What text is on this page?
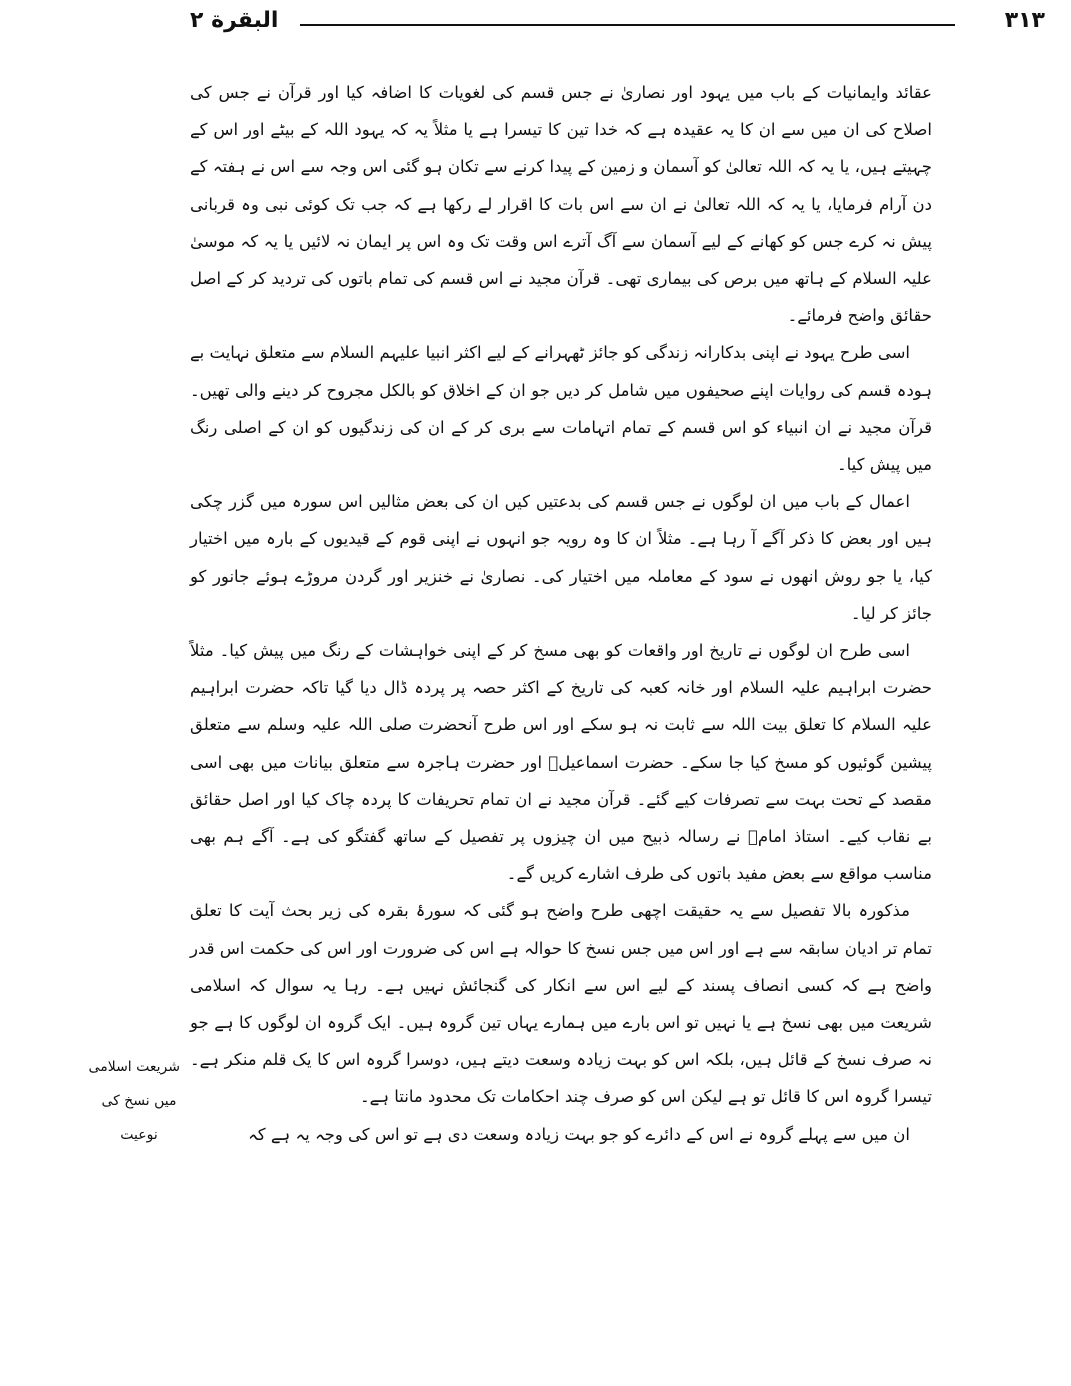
البقرة ۲	۳۱۳

عقائد وایمانیات کے باب میں یہود اور نصاریٰ نے جس قسم کی لغویات کا اضافہ کیا اور قرآن نے جس کی اصلاح کی ان میں سے ان کا یہ عقیدہ ہے کہ خدا تین کا تیسرا ہے یا مثلاً یہ کہ یہود اللہ کے بیٹے اور اس کے چہیتے ہیں، یا یہ کہ اللہ تعالیٰ کو آسمان و زمین کے پیدا کرنے سے تکان ہو گئی اس وجہ سے اس نے ہفتہ کے دن آرام فرمایا، یا یہ کہ اللہ تعالیٰ نے ان سے اس بات کا اقرار لے رکھا ہے کہ جب تک کوئی نبی وہ قربانی پیش نہ کرے جس کو کھانے کے لیے آسمان سے آگ آترے اس وقت تک وہ اس پر ایمان نہ لائیں یا یہ کہ موسیٰ علیہ السلام کے ہاتھ میں برص کی بیماری تھی۔ قرآن مجید نے اس قسم کی تمام باتوں کی تردید کر کے اصل حقائق واضح فرمائے۔

اسی طرح یہود نے اپنی بدکارانہ زندگی کو جائز ٹھہرانے کے لیے اکثر انبیا علیہم السلام سے متعلق نہایت بے ہودہ قسم کی روایات اپنے صحیفوں میں شامل کر دیں جو ان کے اخلاق کو بالکل مجروح کر دینے والی تھیں۔ قرآن مجید نے ان انبیاء کو اس قسم کے تمام اتہامات سے بری کر کے ان کی زندگیوں کو ان کے اصلی رنگ میں پیش کیا۔

اعمال کے باب میں ان لوگوں نے جس قسم کی بدعتیں کیں ان کی بعض مثالیں اس سورہ میں گزر چکی ہیں اور بعض کا ذکر آگے آ رہا ہے۔ مثلاً ان کا وہ رویہ جو انہوں نے اپنی قوم کے قیدیوں کے بارہ میں اختیار کیا، یا جو روش انھوں نے سود کے معاملہ میں اختیار کی۔ نصاریٰ نے خنزیر اور گردن مروڑے ہوئے جانور کو جائز کر لیا۔

اسی طرح ان لوگوں نے تاریخ اور واقعات کو بھی مسخ کر کے اپنی خواہشات کے رنگ میں پیش کیا۔ مثلاً حضرت ابراہیم علیہ السلام اور خانہ کعبہ کی تاریخ کے اکثر حصہ پر پردہ ڈال دیا گیا تاکہ حضرت ابراہیم علیہ السلام کا تعلق بیت اللہ سے ثابت نہ ہو سکے اور اس طرح آنحضرت صلی اللہ علیہ وسلم سے متعلق پیشین گوئیوں کو مسخ کیا جا سکے۔ حضرت اسماعیلؑ اور حضرت ہاجرہ سے متعلق بیانات میں بھی اسی مقصد کے تحت بہت سے تصرفات کیے گئے۔ قرآن مجید نے ان تمام تحریفات کا پردہ چاک کیا اور اصل حقائق بے نقاب کیے۔ استاذ امامؒ نے رسالہ ذبیح میں ان چیزوں پر تفصیل کے ساتھ گفتگو کی ہے۔ آگے ہم بھی مناسب مواقع سے بعض مفید باتوں کی طرف اشارے کریں گے۔

مذکورہ بالا تفصیل سے یہ حقیقت اچھی طرح واضح ہو گئی کہ سورۂ بقرہ کی زیر بحث آیت کا تعلق تمام تر ادیان سابقہ سے ہے اور اس میں جس نسخ کا حوالہ ہے اس کی ضرورت اور اس کی حکمت اس قدر واضح ہے کہ کسی انصاف پسند کے لیے اس سے انکار کی گنجائش نہیں ہے۔ رہا یہ سوال کہ اسلامی شریعت میں بھی نسخ ہے یا نہیں تو اس بارے میں ہمارے یہاں تین گروہ ہیں۔ ایک گروہ ان لوگوں کا ہے جو نہ صرف نسخ کے قائل ہیں، بلکہ اس کو بہت زیادہ وسعت دیتے ہیں، دوسرا گروہ اس کا یک قلم منکر ہے۔ تیسرا گروہ اس کا قائل تو ہے لیکن اس کو صرف چند احکامات تک محدود مانتا ہے۔

ان میں سے پہلے گروہ نے اس کے دائرے کو جو بہت زیادہ وسعت دی ہے تو اس کی وجہ یہ ہے کہ

شریعت اسلامی
میں نسخ کی
نوعیت
